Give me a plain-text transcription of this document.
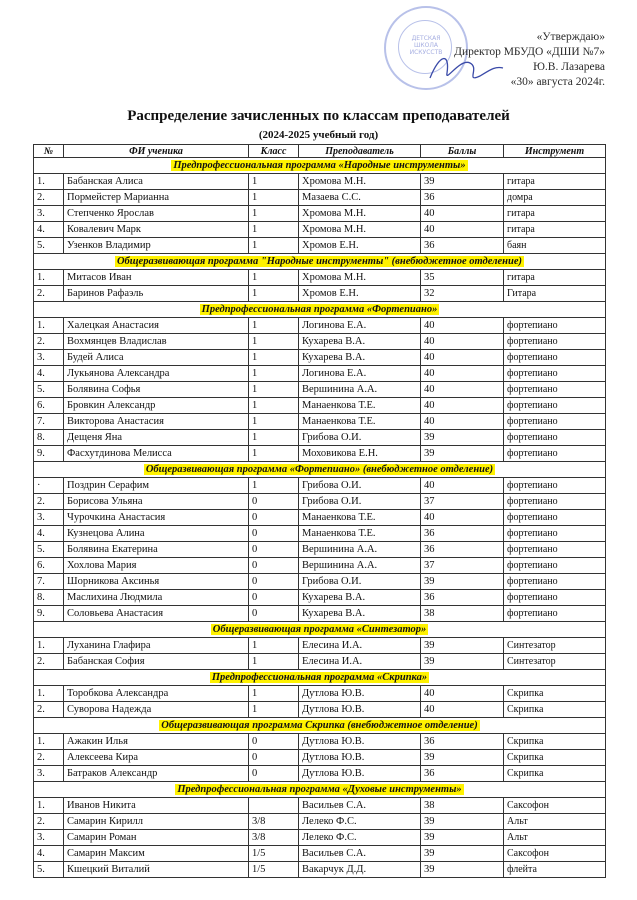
ДЕТСКАЯ ШКОЛА ИСКУССТВ
«Утверждаю»
Директор МБУДО «ДШИ №7»
Ю.В. Лазарева
«30» августа 2024г.
Распределение зачисленных по классам преподавателей
(2024-2025 учебный год)
№	ФИ ученика	Класс	Преподаватель	Баллы	Инструмент
Предпрофессиональная программа «Народные инструменты»					
1.	Бабанская Алиса	1	Хромова М.Н.	39	гитара
2.	Пормейстер Марианна	1	Мазаева С.С.	36	домра
3.	Степченко Ярослав	1	Хромова М.Н.	40	гитара
4.	Ковалевич Марк	1	Хромова М.Н.	40	гитара
5.	Узенков Владимир	1	Хромов Е.Н.	36	баян
Общеразвивающая программа "Народные инструменты" (внебюджетное отделение)					
1.	Митасов Иван	1	Хромова М.Н.	35	гитара
2.	Баринов Рафаэль	1	Хромов Е.Н.	32	Гитара
Предпрофессиональная программа «Фортепиано»					
1.	Халецкая Анастасия	1	Логинова Е.А.	40	фортепиано
2.	Вохмянцев Владислав	1	Кухарева В.А.	40	фортепиано
3.	Будей Алиса	1	Кухарева В.А.	40	фортепиано
4.	Лукьянова Александра	1	Логинова Е.А.	40	фортепиано
5.	Болявина Софья	1	Вершинина А.А.	40	фортепиано
6.	Бровкин Александр	1	Манаенкова Т.Е.	40	фортепиано
7.	Викторова Анастасия	1	Манаенкова Т.Е.	40	фортепиано
8.	Дещеня Яна	1	Грибова О.И.	39	фортепиано
9.	Фасхутдинова Мелисса	1	Моховикова Е.Н.	39	фортепиано
Общеразвивающая программа «Фортепиано» (внебюджетное отделение)					
·	Поздрин Серафим	1	Грибова О.И.	40	фортепиано
2.	Борисова Ульяна	0	Грибова О.И.	37	фортепиано
3.	Чурочкина Анастасия	0	Манаенкова Т.Е.	40	фортепиано
4.	Кузнецова Алина	0	Манаенкова Т.Е.	36	фортепиано
5.	Болявина Екатерина	0	Вершинина А.А.	36	фортепиано
6.	Хохлова Мария	0	Вершинина А.А.	37	фортепиано
7.	Шорникова Аксинья	0	Грибова О.И.	39	фортепиано
8.	Маслихина Людмила	0	Кухарева В.А.	36	фортепиано
9.	Соловьева Анастасия	0	Кухарева В.А.	38	фортепиано
Общеразвивающая программа «Синтезатор»					
1.	Луханина Глафира	1	Елесина И.А.	39	Синтезатор
2.	Бабанская София	1	Елесина И.А.	39	Синтезатор
Предпрофессиональная программа «Скрипка»					
1.	Торобкова Александра	1	Дутлова Ю.В.	40	Скрипка
2.	Суворова Надежда	1	Дутлова Ю.В.	40	Скрипка
Общеразвивающая программа Скрипка (внебюджетное отделение)					
1.	Ажакин Илья	0	Дутлова Ю.В.	36	Скрипка
2.	Алексеева Кира	0	Дутлова Ю.В.	39	Скрипка
3.	Батраков Александр	0	Дутлова Ю.В.	36	Скрипка
Предпрофессиональная программа «Духовые инструменты»					
1.	Иванов Никита		Васильев С.А.	38	Саксофон
2.	Самарин Кирилл	3/8	Лелеко Ф.С.	39	Альт
3.	Самарин Роман	3/8	Лелеко Ф.С.	39	Альт
4.	Самарин Максим	1/5	Васильев С.А.	39	Саксофон
5.	Кшецкий Виталий	1/5	Вакарчук Д.Д.	39	флейта
